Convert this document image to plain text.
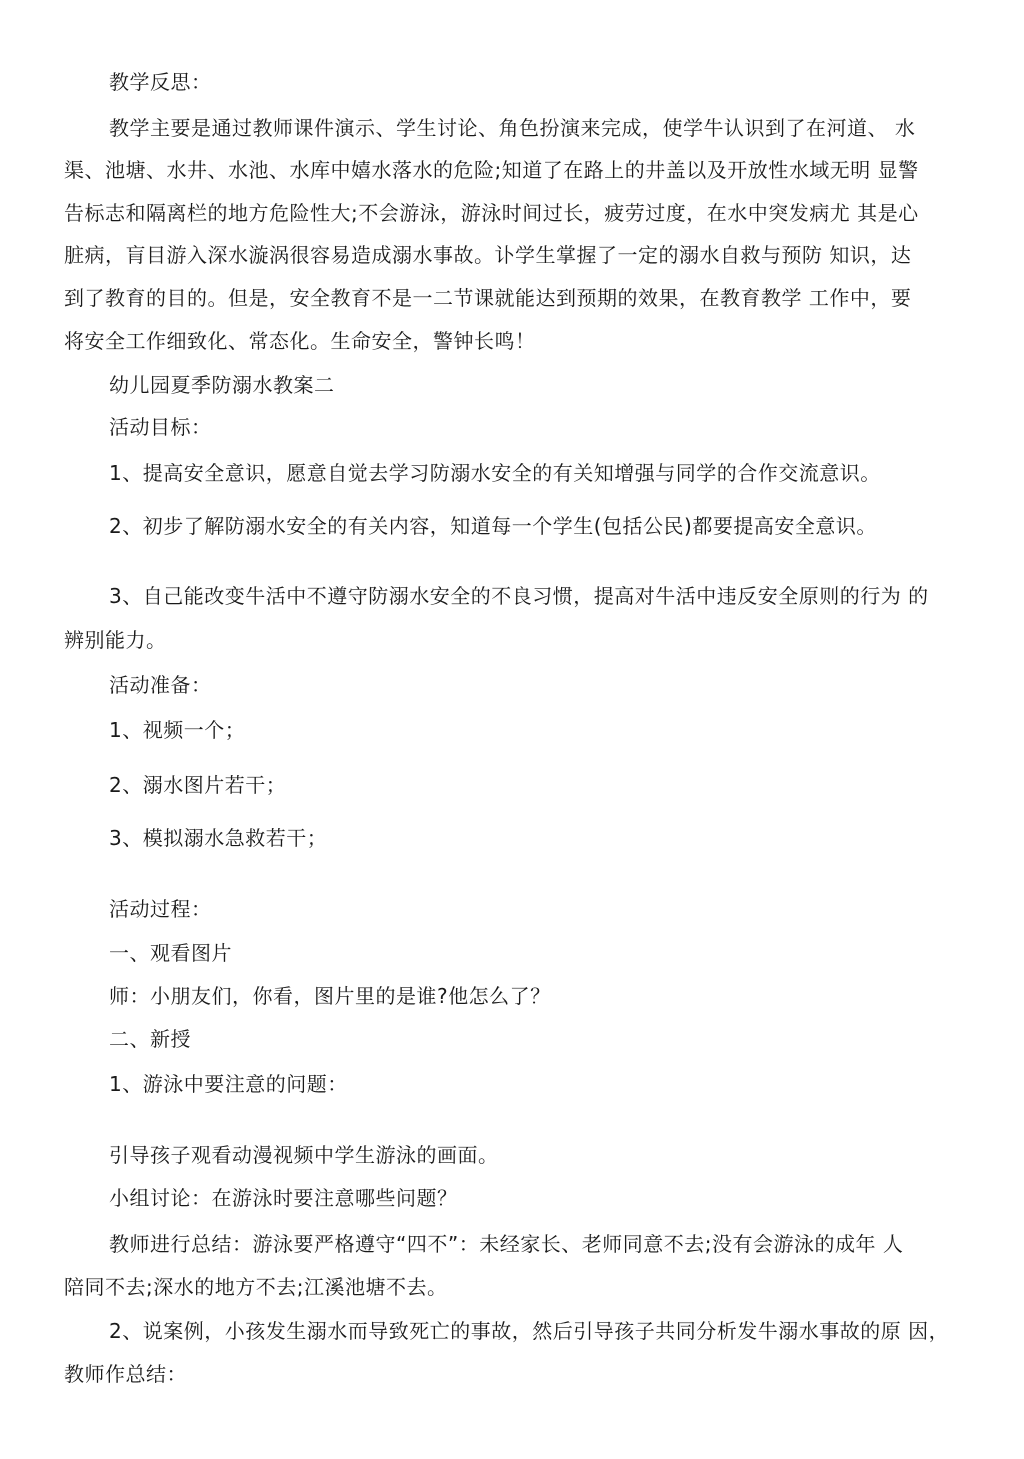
教学反思：
教学主要是通过教师课件演示、学生讨论、角色扮演来完成，使学牛认识到了在河道、 水
渠、池塘、水井、水池、水库中嬉水落水的危险;知道了在路上的井盖以及开放性水域无明 显警
告标志和隔离栏的地方危险性大;不会游泳，游泳时间过长，疲劳过度，在水中突发病尤 其是心
脏病，肓目游入深水漩涡很容易造成溺水事故。讣学生掌握了一定的溺水自救与预防 知识，达
到了教育的目的。但是，安全教育不是一二节课就能达到预期的效果，在教育教学 工作中，要
将安全工作细致化、常态化。生命安全，警钟长鸣！
幼儿园夏季防溺水教案二
活动目标：
1、提高安全意识，愿意自觉去学习防溺水安全的有关知增强与同学的合作交流意识。
2、初步了解防溺水安全的有关内容，知道每一个学生(包括公民)都要提高安全意识。
3、自己能改变牛活中不遵守防溺水安全的不良习惯，提高对牛活中违反安全原则的行为 的
辨别能力。
活动准备：
1、视频一个；
2、溺水图片若干；
3、模拟溺水急救若干；
活动过程：
一、观看图片
师：小朋友们，你看，图片里的是谁?他怎么了？
二、新授
1、游泳中要注意的问题：
引导孩子观看动漫视频中学生游泳的画面。
小组讨论：在游泳时要注意哪些问题？
教师进行总结：游泳要严格遵守“四不”：未经家长、老师同意不去;没有会游泳的成年 人
陪同不去;深水的地方不去;江溪池塘不去。
2、说案例，小孩发生溺水而导致死亡的事故，然后引导孩子共同分析发牛溺水事故的原 因，
教师作总结：
